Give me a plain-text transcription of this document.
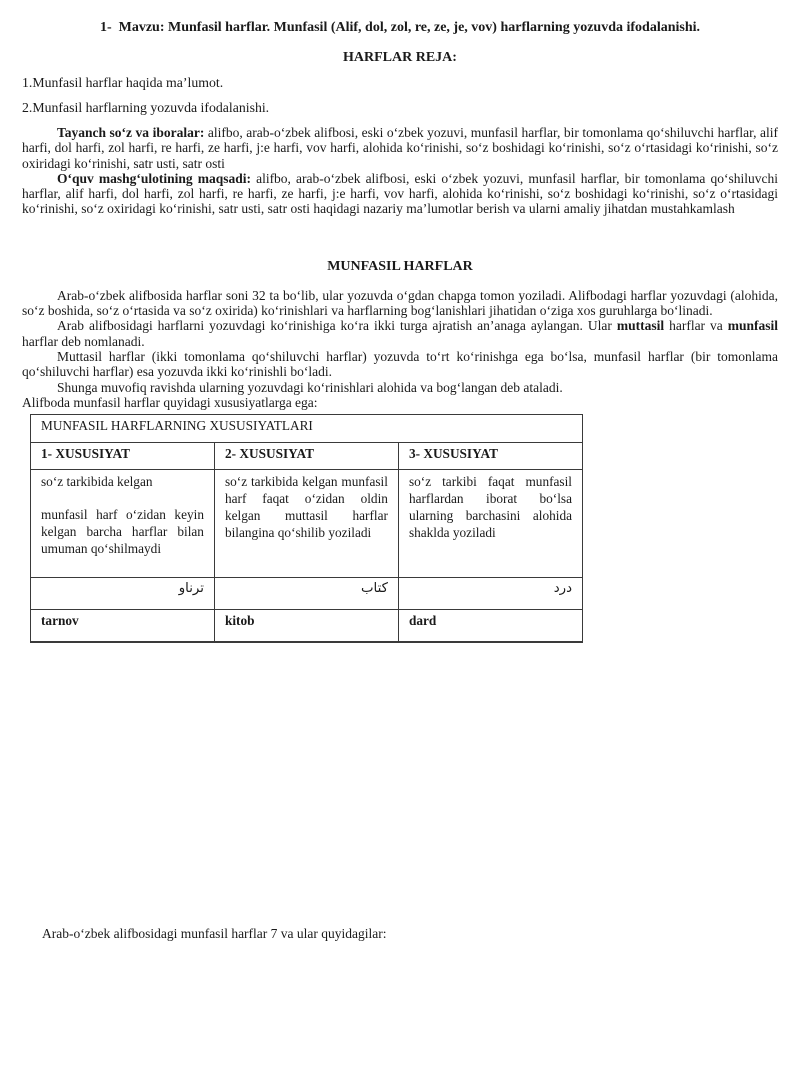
1-  Mavzu: Munfasil harflar. Munfasil (Alif, dol, zol, re, ze, je, vov) harflarning yozuvda ifodalanishi.

HARFLAR REJA:

1.Munfasil harflar haqida ma’lumot.

2.Munfasil harflarning yozuvda ifodalanishi.

Tayanch soʻz va iboralar: alifbo, arab-oʻzbek alifbosi, eski oʻzbek yozuvi, munfasil harflar, bir tomonlama qoʻshiluvchi harflar, alif harfi, dol harfi, zol harfi, re harfi, ze harfi, j:e harfi, vov harfi, alohida koʻrinishi, soʻz boshidagi koʻrinishi, soʻz oʻrtasidagi koʻrinishi, soʻz oxiridagi koʻrinishi, satr usti, satr osti

Oʻquv mashgʻulotining maqsadi: alifbo, arab-oʻzbek alifbosi, eski oʻzbek yozuvi, munfasil harflar, bir tomonlama qoʻshiluvchi harflar, alif harfi, dol harfi, zol harfi, re harfi, ze harfi, j:e harfi, vov harfi, alohida koʻrinishi, soʻz boshidagi koʻrinishi, soʻz oʻrtasidagi koʻrinishi, soʻz oxiridagi koʻrinishi, satr usti, satr osti haqidagi nazariy ma’lumotlar berish va ularni amaliy jihatdan mustahkamlash

MUNFASIL HARFLAR

Arab-oʻzbek alifbosida harflar soni 32 ta boʻlib, ular yozuvda oʻgdan chapga tomon yoziladi. Alifbodagi harflar yozuvdagi (alohida, soʻz boshida, soʻz oʻrtasida va soʻz oxirida) koʻrinishlari va harflarning bogʻlanishlari jihatidan oʻziga xos guruhlarga boʻlinadi.

Arab alifbosidagi harflarni yozuvdagi koʻrinishiga koʻra ikki turga ajratish an’anaga aylangan. Ular muttasil harflar va munfasil harflar deb nomlanadi.

Muttasil harflar (ikki tomonlama qoʻshiluvchi harflar) yozuvda toʻrt koʻrinishga ega boʻlsa, munfasil harflar (bir tomonlama qoʻshiluvchi harflar) esa yozuvda ikki koʻrinishli boʻladi.

Shunga muvofiq ravishda ularning yozuvdagi koʻrinishlari alohida va bogʻlangan deb ataladi.

Alifboda munfasil harflar quyidagi xususiyatlarga ega:

MUNFASIL HARFLARNING XUSUSIYATLARI		
1- XUSUSIYAT	2- XUSUSIYAT	3- XUSUSIYAT

soʻz tarkibida kelgan

munfasil harf oʻzidan keyin kelgan barcha harflar bilan umuman qoʻshilmaydi	soʻz tarkibida kelgan munfasil harf faqat oʻzidan oldin kelgan muttasil harflar bilangina qoʻshilib yoziladi	soʻz tarkibi faqat munfasil harflardan iborat boʻlsa ularning barchasini alohida shaklda yoziladi

ترناو	كتاب	درد
tarnov	kitob	dard

Arab-oʻzbek alifbosidagi munfasil harflar 7 va ular quyidagilar:
